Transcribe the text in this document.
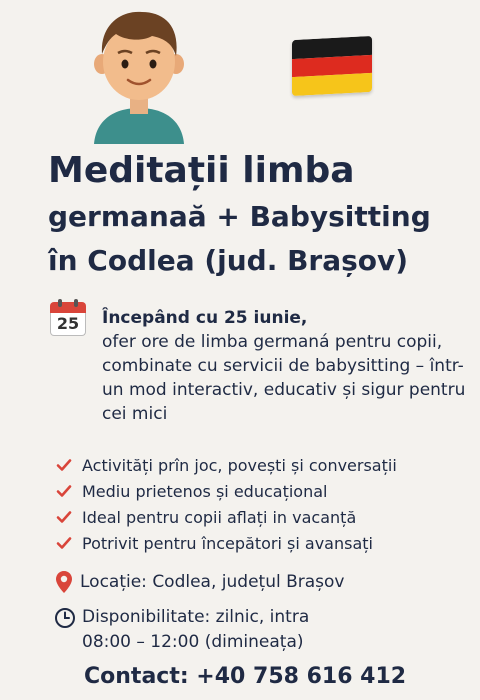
Meditații limba
germanaă + Babysitting
în Codlea (jud. Brașov)
25	Începând cu 25 iunie,
ofer ore de limba germaná pentru copii, combinate cu servicii de babysitting – într-un mod interactiv, educativ și sigur pentru cei mici
Activități prîn joc, povești și conversații
Mediu prietenos și educațional
Ideal pentru copii aflați in vacanță
Potrivit pentru începători și avansați
Locație: Codlea, județul Brașov
Disponibilitate: zilnic, intra
08:00 – 12:00 (dimineața)

Contact: +40 758 616 412
